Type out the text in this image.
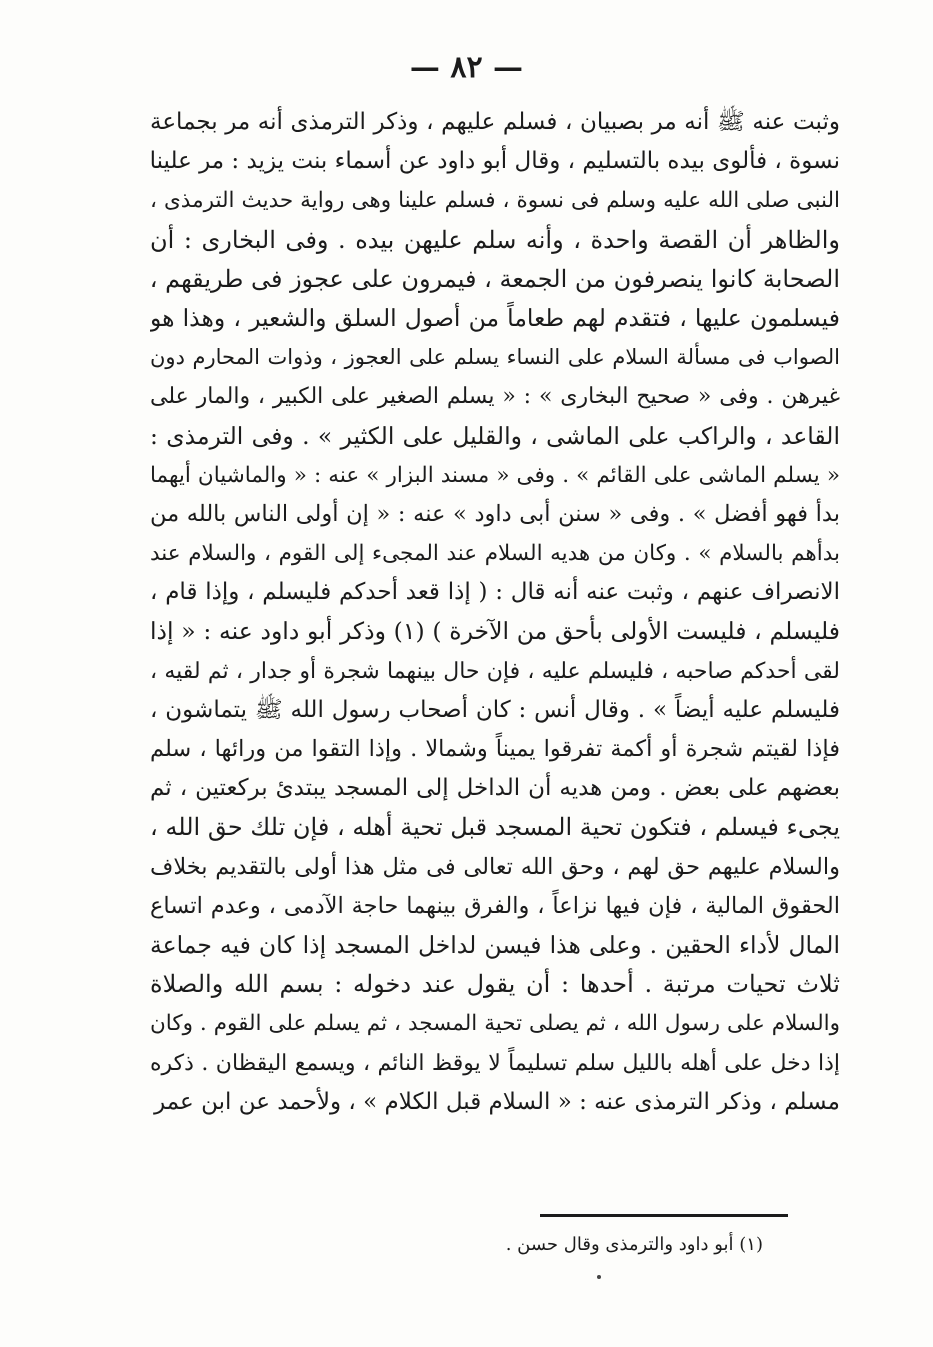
— ٨٢ —
وثبت عنه ﷺ أنه مر بصبيان ، فسلم عليهم ، وذكر الترمذى أنه مر بجماعة
نسوة ، فألوى بيده بالتسليم ، وقال أبو داود عن أسماء بنت يزيد : مر علينا
النبى صلى الله عليه وسلم فى نسوة ، فسلم علينا وهى رواية حديث الترمذى ،
والظاهر أن القصة واحدة ، وأنه سلم عليهن بيده . وفى البخارى : أن
الصحابة كانوا ينصرفون من الجمعة ، فيمرون على عجوز فى طريقهم ،
فيسلمون عليها ، فتقدم لهم طعاماً من أصول السلق والشعير ، وهذا هو
الصواب فى مسألة السلام على النساء يسلم على العجوز ، وذوات المحارم دون
غيرهن . وفى « صحيح البخارى » : « يسلم الصغير على الكبير ، والمار على
القاعد ، والراكب على الماشى ، والقليل على الكثير » . وفى الترمذى :
« يسلم الماشى على القائم » . وفى « مسند البزار » عنه : « والماشيان أيهما
بدأ فهو أفضل » . وفى « سنن أبى داود » عنه : « إن أولى الناس بالله من
بدأهم بالسلام » . وكان من هديه السلام عند المجىء إلى القوم ، والسلام عند
الانصراف عنهم ، وثبت عنه أنه قال : ( إذا قعد أحدكم فليسلم ، وإذا قام ،
فليسلم ، فليست الأولى بأحق من الآخرة ) (١) وذكر أبو داود عنه : « إذا
لقى أحدكم صاحبه ، فليسلم عليه ، فإن حال بينهما شجرة أو جدار ، ثم لقيه ،
فليسلم عليه أيضاً » . وقال أنس : كان أصحاب رسول الله ﷺ يتماشون ،
فإذا لقيتم شجرة أو أكمة تفرقوا يميناً وشمالا . وإذا التقوا من ورائها ، سلم
بعضهم على بعض . ومن هديه أن الداخل إلى المسجد يبتدئ بركعتين ، ثم
يجىء فيسلم ، فتكون تحية المسجد قبل تحية أهله ، فإن تلك حق الله ،
والسلام عليهم حق لهم ، وحق الله تعالى فى مثل هذا أولى بالتقديم بخلاف
الحقوق المالية ، فإن فيها نزاعاً ، والفرق بينهما حاجة الآدمى ، وعدم اتساع
المال لأداء الحقين . وعلى هذا فيسن لداخل المسجد إذا كان فيه جماعة
ثلاث تحيات مرتبة . أحدها : أن يقول عند دخوله : بسم الله والصلاة
والسلام على رسول الله ، ثم يصلى تحية المسجد ، ثم يسلم على القوم . وكان
إذا دخل على أهله بالليل سلم تسليماً لا يوقظ النائم ، ويسمع اليقظان . ذكره
مسلم ، وذكر الترمذى عنه : « السلام قبل الكلام » ، ولأحمد عن ابن عمر
(١) أبو داود والترمذى وقال حسن .
